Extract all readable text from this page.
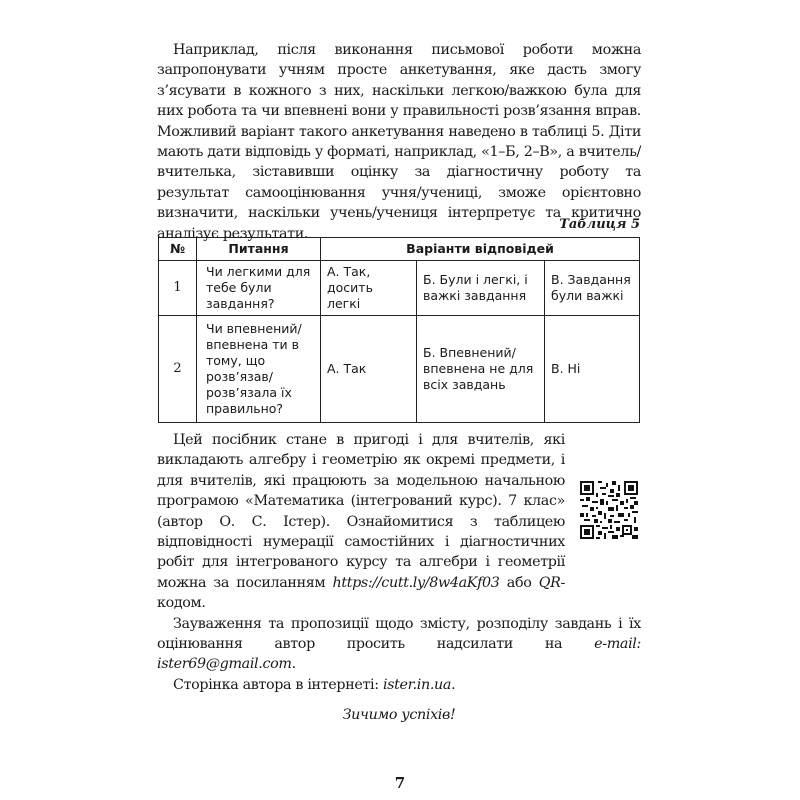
Наприклад, після виконання письмової роботи можна запропонувати учням просте анкетування, яке дасть змогу з’ясувати в кожного з них, наскільки легкою/важкою була для них робота та чи впевнені вони у правильності розв’язання вправ. Можливий варіант такого анкетування наведено в таблиці 5. Діти мають дати відповідь у форматі, наприклад, «1–Б, 2–В», а вчитель/вчителька, зіставивши оцінку за діагностичну роботу та результат самооцінювання учня/учениці, зможе орієнтовно визначити, наскільки учень/учениця інтерпретує та критично аналізує результати.

Таблиця 5

№	Питання	Варіанти відповідей		
1	Чи легкими для тебе були завдання?	А. Так, досить легкі	Б. Були і легкі, і важкі завдання	В. Завдання були важкі
2	Чи впевнений/ впевнена ти в тому, що розв’язав/ розв’язала їх правильно?	А. Так	Б. Впевнений/ впевнена не для всіх завдань	В. Ні

Цей посібник стане в пригоді і для вчителів, які викладають алгебру і геометрію як окремі предмети, і для вчителів, які працюють за модельною начальною програмою «Математика (інтегрований курс). 7 клас» (автор О. С. Істер). Ознайомитися з таблицею відповідності нумерації самостійних і діагностичних робіт для інтегрованого курсу та алгебри і геометрії можна за посиланням https://cutt.ly/8w4aKf03 або QR-кодом.

Зауваження та пропозиції щодо змісту, розподілу завдань і їх оцінювання автор просить надсилати на e-mail: ister69@gmail.com.

Сторінка автора в інтернеті: ister.in.ua.

Зичимо успіхів!

7
